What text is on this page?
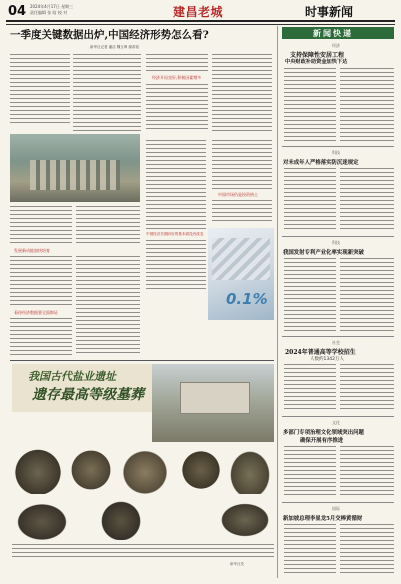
04 2024年4月17日 星期三
责任编辑 张 晗 校 对	建昌老城	时事新闻
一季度关键数据出炉,中国经济形势怎么看?
新华社记者 潘洁 魏玉坤 谢希瑶
经济开局良好,积极因素增多
发展新动能加快培育
看待经济数据要全面辩证
中国经济长期向好的基本面没有改变
中国市场仍是投资热土
0.1%
我国古代盐业遗址
遗存最高等级墓葬
新华社发
新闻快递
经济
支持保障性安居工程
中央财政补助资金加快下达
科技
对未成年人严格落实防沉迷规定
科技
我国发射专利产业化率实现新突破
社会
2024年普通高等学校招生
人数约1342万人
文化
多部门专项治理文化领域突出问题
确保开展有序推进
国际
新加坡总理李显龙5月交棒黄循财
